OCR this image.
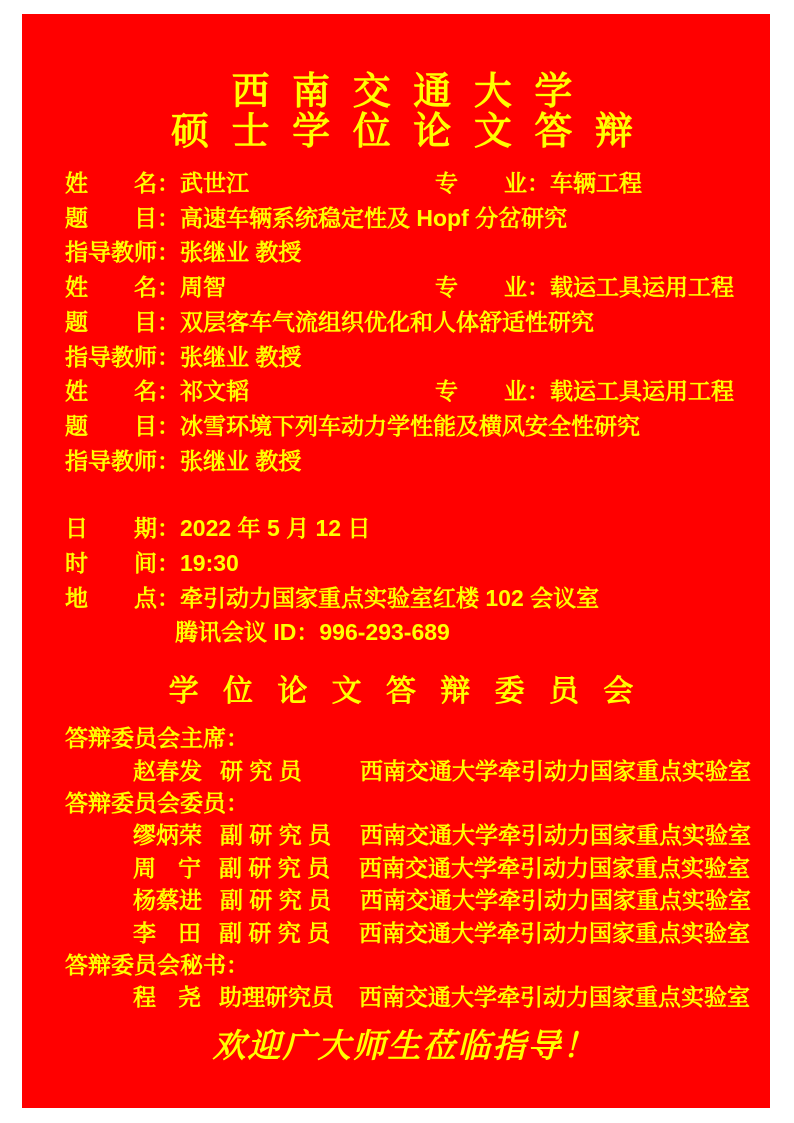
西 南 交 通 大 学
硕 士 学 位 论 文 答 辩
姓名 ： 武世江	专业 ： 车辆工程
题目 ： 高速车辆系统稳定性及 Hopf 分岔研究
指导教师 ： 张继业 教授
姓名 ： 周智	专业 ： 载运工具运用工程
题目 ： 双层客车气流组织优化和人体舒适性研究
指导教师 ： 张继业 教授
姓名 ： 祁文韬	专业 ： 载运工具运用工程
题目 ： 冰雪环境下列车动力学性能及横风安全性研究
指导教师 ： 张继业 教授
日期 ： 2022 年 5 月 12 日
时间 ： 19:30
地点 ： 牵引动力国家重点实验室红楼 102 会议室
腾讯会议 ID：996-293-689
学 位 论 文 答 辩 委 员 会
答辩委员会主席 ：
赵春发 研 究 员	西南交通大学牵引动力国家重点实验室
答辩委员会委员 ：
缪炳荣 副 研 究 员	西南交通大学牵引动力国家重点实验室
周宁 副 研 究 员	西南交通大学牵引动力国家重点实验室
杨蔡进 副 研 究 员	西南交通大学牵引动力国家重点实验室
李田 副 研 究 员	西南交通大学牵引动力国家重点实验室
答辩委员会秘书 ：
程尧 助理研究员	西南交通大学牵引动力国家重点实验室
欢迎广大师生莅临指导！
